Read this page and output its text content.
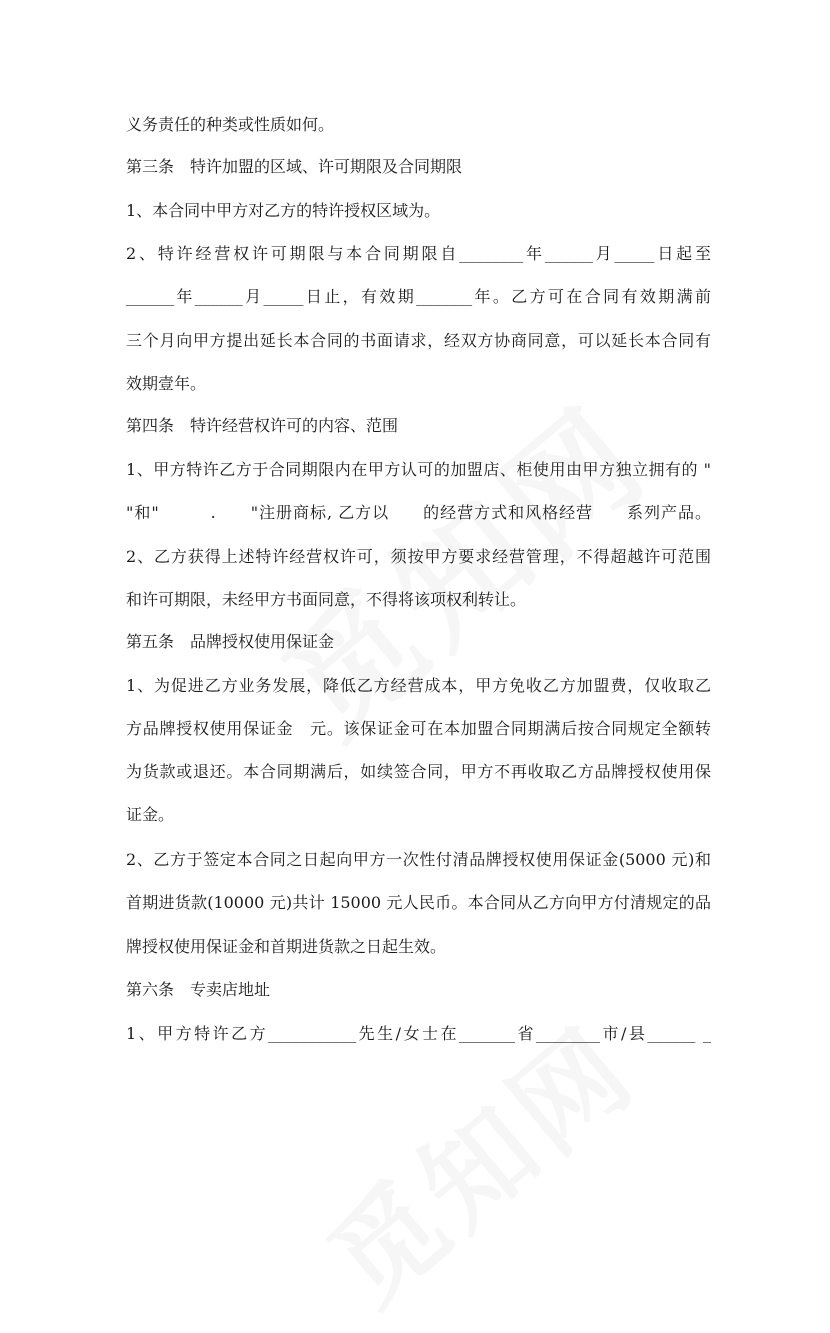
义务责任的种类或性质如何。
第三条　特许加盟的区域、许可期限及合同期限
1、本合同中甲方对乙方的特许授权区域为。
2、特许经营权许可期限与本合同期限自________年______月_____日起至
______年______月_____日止，有效期_______年。乙方可在合同有效期满前
三个月向甲方提出延长本合同的书面请求，经双方协商同意，可以延长本合同有
效期壹年。
第四条　特许经营权许可的内容、范围
1、甲方特许乙方于合同期限内在甲方认可的加盟店、柜使用由甲方独立拥有的 "
"和"　　　.　　"注册商标, 乙方以　　的经营方式和风格经营　　系列产品。
2、乙方获得上述特许经营权许可，须按甲方要求经营管理，不得超越许可范围
和许可期限，未经甲方书面同意，不得将该项权利转让。
第五条　品牌授权使用保证金
1、为促进乙方业务发展，降低乙方经营成本，甲方免收乙方加盟费，仅收取乙
方品牌授权使用保证金　元。该保证金可在本加盟合同期满后按合同规定全额转
为货款或退还。本合同期满后，如续签合同，甲方不再收取乙方品牌授权使用保
证金。
2、乙方于签定本合同之日起向甲方一次性付清品牌授权使用保证金(5000 元)和
首期进货款(10000 元)共计 15000 元人民币。本合同从乙方向甲方付清规定的品
牌授权使用保证金和首期进货款之日起生效。
第六条　专卖店地址
1、甲方特许乙方___________先生/女士在_______省________市/县______ _
